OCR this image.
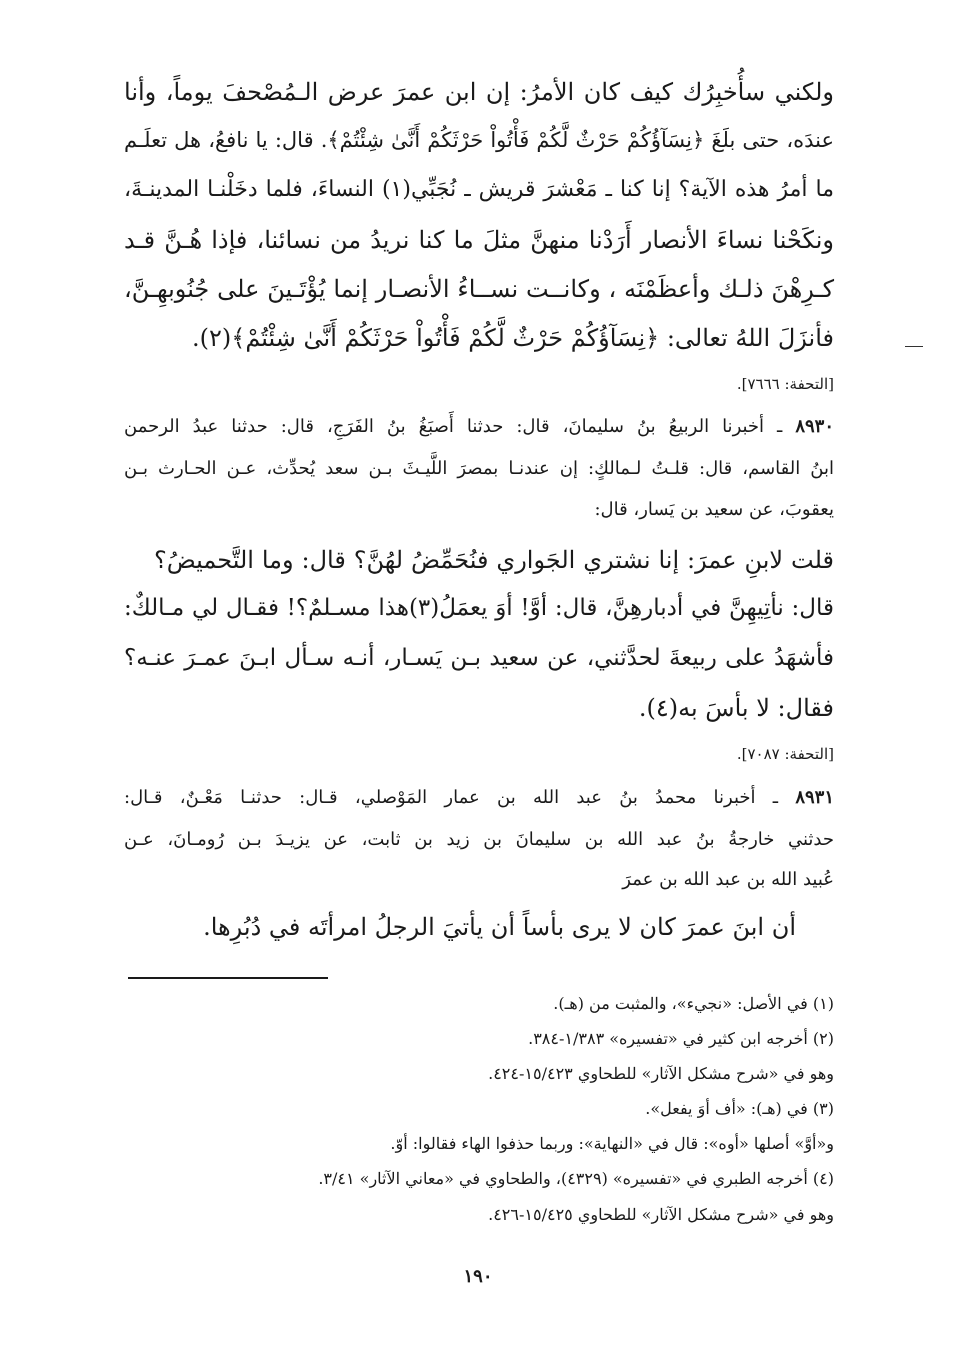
ولكني سأُخبِرُك كيف كان الأمرُ: إن ابن عمرَ عرض الـمُصْحفَ يوماً، وأنا
عندَه، حتى بلَغَ ﴿نِسَآؤُكُمْ حَرْثٌ لَّكُمْ فَأْتُواْ حَرْثَكُمْ أَنَّىٰ شِئْتُمْ﴾. قال: يا نافعُ، هل تعلَـم
ما أمرُ هذه الآية؟ إنا كنا ـ مَعْشرَ قريش ـ نُجَبِّي(١) النساءَ، فلما دخَلْنـا المدينـةَ،
ونكَحْنا نساءَ الأنصار أَرَدْنا منهنَّ مثلَ ما كنا نريدُ من نسائنا، فإذا هُـنَّ قـد
كـرِهْنَ ذلـك وأعظَمْنَه ، وكانــت نســاءُ الأنصـار إنما يُؤْتَـينَ على جُنُوبهِـنَّ،
فأنزَلَ اللهُ تعالى: ﴿نِسَآؤُكُمْ حَرْثٌ لَّكُمْ فَأْتُواْ حَرْثَكُمْ أَنَّىٰ شِئْتُمْ﴾(٢).
[التحفة: ٧٦٦٦].
٨٩٣٠ ـ أخبرنا الربيعُ بنُ سليمانَ، قال: حدثنا أَصبَغُ بنُ الفَرَجِ، قال: حدثنا عبدُ الرحمن
ابنُ القاسم، قال: قلـتُ لـمالكٍ: إن عندنـا بمصرَ اللَّيـثَ بـن سعد يُحدِّث، عـن الحـارث بـن
يعقوبَ، عن سعيد بن يَسار، قال:
قلت لابنِ عمرَ: إنا نشتري الجَواري فنُحَمِّضُ لهُنَّ؟ قال: وما التَّحميضُ؟
قال: نأتِيهِنَّ في أدبارهِنَّ، قال: أوَّ! أوَ يعمَلُ(٣)هذا مسـلمٌ؟! فقـال لي مـالكٌ:
فأشهَدُ على ربيعةَ لحدَّثني، عن سعيد بـن يَسـار، أنـه سـأل ابـنَ عمـرَ عنـه؟
فقال: لا بأسَ به(٤).
[التحفة: ٧٠٨٧].
٨٩٣١ ـ أخبرنا محمدُ بنُ عبد الله بن عمار المَوْصلي، قـال: حدثنـا مَعْـنٌ، قـال:
حدثني خارجةُ بنُ عبد الله بن سليمانَ بن زيد بن ثابت، عن يزيـدَ بـن رُومـانَ، عـن
عُبيد الله بن عبد الله بن عمرَ
أن ابنَ عمرَ كان لا يرى بأساً أن يأتيَ الرجلُ امرأتَه في دُبُرِها.
(١) في الأصل: «نجيء»، والمثبت من (هـ).
(٢) أخرجه ابن كثير في «تفسيره» ١/٣٨٣-٣٨٤.
وهو في «شرح مشكل الآثار» للطحاوي ١٥/٤٢٣-٤٢٤.
(٣) في (هـ): «أف أوَ يفعل».
و«أوَّ» أصلها «أوه»: قال في «النهاية»: وربما حذفوا الهاء فقالوا: أوّ.
(٤) أخرجه الطبري في «تفسيره» (٤٣٢٩)، والطحاوي في «معاني الآثار» ٣/٤١.
وهو في «شرح مشكل الآثار» للطحاوي ١٥/٤٢٥-٤٢٦.
١٩٠
